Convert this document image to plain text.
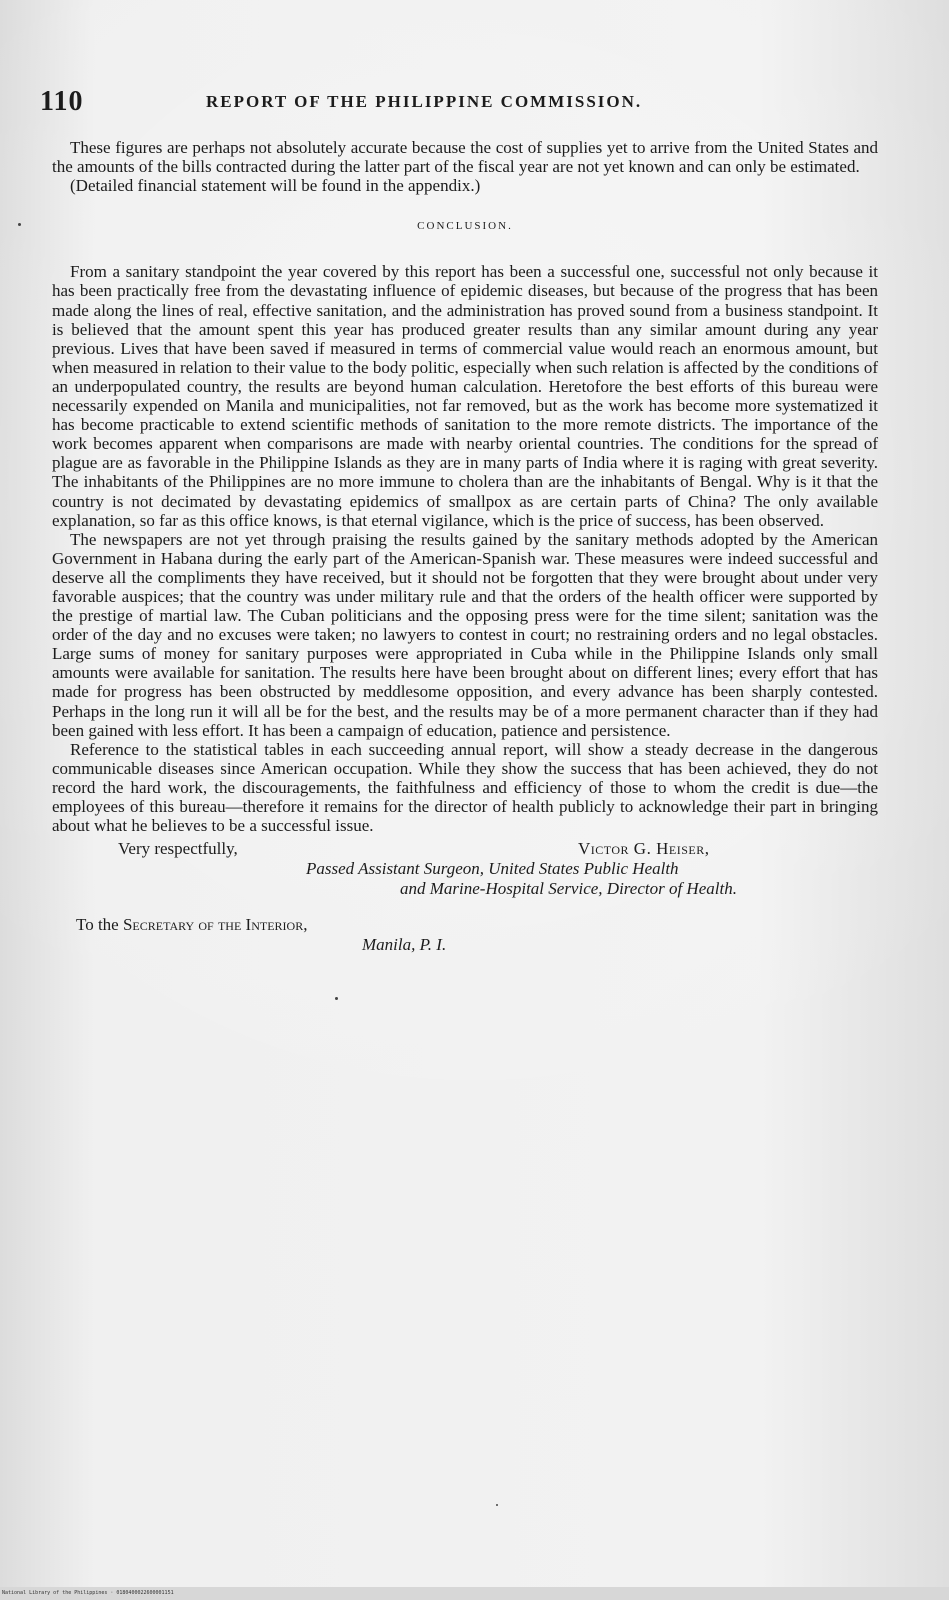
110	REPORT OF THE PHILIPPINE COMMISSION.

These figures are perhaps not absolutely accurate because the cost of supplies yet to arrive from the United States and the amounts of the bills contracted during the latter part of the fiscal year are not yet known and can only be estimated.

(Detailed financial statement will be found in the appendix.)

CONCLUSION.

From a sanitary standpoint the year covered by this report has been a successful one, successful not only because it has been practically free from the devastating influence of epidemic diseases, but because of the progress that has been made along the lines of real, effective sanitation, and the administration has proved sound from a business standpoint. It is believed that the amount spent this year has produced greater results than any similar amount during any year previous. Lives that have been saved if measured in terms of commercial value would reach an enormous amount, but when measured in relation to their value to the body politic, especially when such relation is affected by the conditions of an underpopulated country, the results are beyond human calculation. Heretofore the best efforts of this bureau were necessarily expended on Manila and municipalities, not far removed, but as the work has become more systematized it has become practicable to extend scientific methods of sanitation to the more remote districts. The importance of the work becomes apparent when comparisons are made with nearby oriental countries. The conditions for the spread of plague are as favorable in the Philippine Islands as they are in many parts of India where it is raging with great severity. The inhabitants of the Philippines are no more immune to cholera than are the inhabitants of Bengal. Why is it that the country is not decimated by devastating epidemics of smallpox as are certain parts of China? The only available explanation, so far as this office knows, is that eternal vigilance, which is the price of success, has been observed.

The newspapers are not yet through praising the results gained by the sanitary methods adopted by the American Government in Habana during the early part of the American-Spanish war. These measures were indeed successful and deserve all the compliments they have received, but it should not be forgotten that they were brought about under very favorable auspices; that the country was under military rule and that the orders of the health officer were supported by the prestige of martial law. The Cuban politicians and the opposing press were for the time silent; sanitation was the order of the day and no excuses were taken; no lawyers to contest in court; no restraining orders and no legal obstacles. Large sums of money for sanitary purposes were appropriated in Cuba while in the Philippine Islands only small amounts were available for sanitation. The results here have been brought about on different lines; every effort that has made for progress has been obstructed by meddlesome opposition, and every advance has been sharply contested. Perhaps in the long run it will all be for the best, and the results may be of a more permanent character than if they had been gained with less effort. It has been a campaign of education, patience and persistence.

Reference to the statistical tables in each succeeding annual report, will show a steady decrease in the dangerous communicable diseases since American occupation. While they show the success that has been achieved, they do not record the hard work, the discouragements, the faithfulness and efficiency of those to whom the credit is due—the employees of this bureau—therefore it remains for the director of health publicly to acknowledge their part in bringing about what he believes to be a successful issue.

Very respectfully,	Victor G. Heiser,
Passed Assistant Surgeon, United States Public Health
and Marine-Hospital Service, Director of Health.
To the Secretary of the Interior,
Manila, P. I.
National Library of the Philippines · 0180400022600001151
